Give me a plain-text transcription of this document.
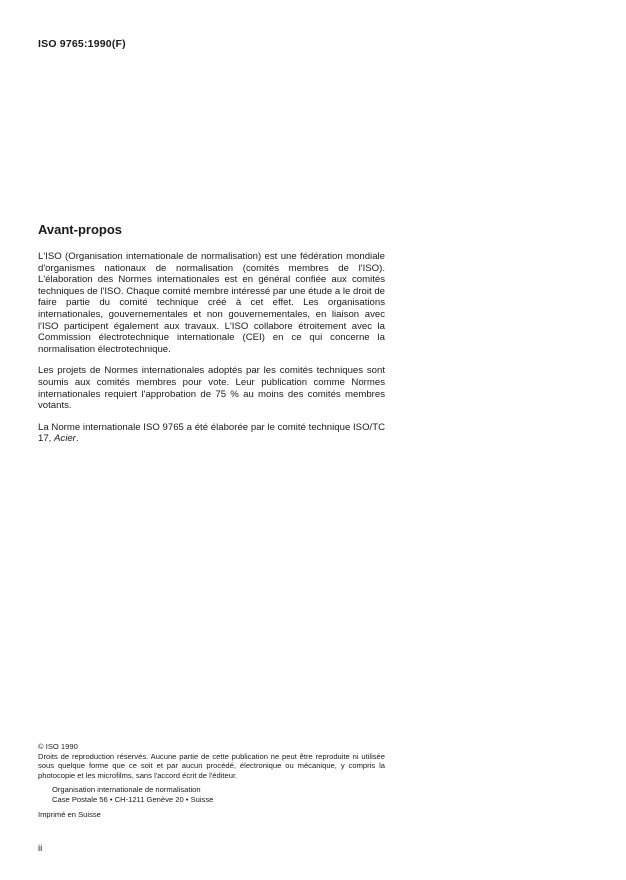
ISO 9765:1990(F)
Avant-propos

L'ISO (Organisation internationale de normalisation) est une fédération mondiale d'organismes nationaux de normalisation (comités membres de l'ISO). L'élaboration des Normes internationales est en général confiée aux comités techniques de l'ISO. Chaque comité membre intéressé par une étude a le droit de faire partie du comité technique créé à cet effet. Les organisations internationales, gouvernementales et non gouvernementales, en liaison avec l'ISO participent également aux travaux. L'ISO collabore étroitement avec la Commission électrotechnique internationale (CEI) en ce qui concerne la normalisation électrotechnique.

Les projets de Normes internationales adoptés par les comités techniques sont soumis aux comités membres pour vote. Leur publication comme Normes internationales requiert l'approbation de 75 % au moins des comités membres votants.

La Norme internationale ISO 9765 a été élaborée par le comité technique ISO/TC 17, Acier.

© ISO 1990

Droits de reproduction réservés. Aucune partie de cette publication ne peut être reproduite ni utilisée sous quelque forme que ce soit et par aucun procédé, électronique ou mécanique, y compris la photocopie et les microfilms, sans l'accord écrit de l'éditeur.

Organisation internationale de normalisation
Case Postale 56 • CH-1211 Genève 20 • Suisse

Imprimé en Suisse

ii
